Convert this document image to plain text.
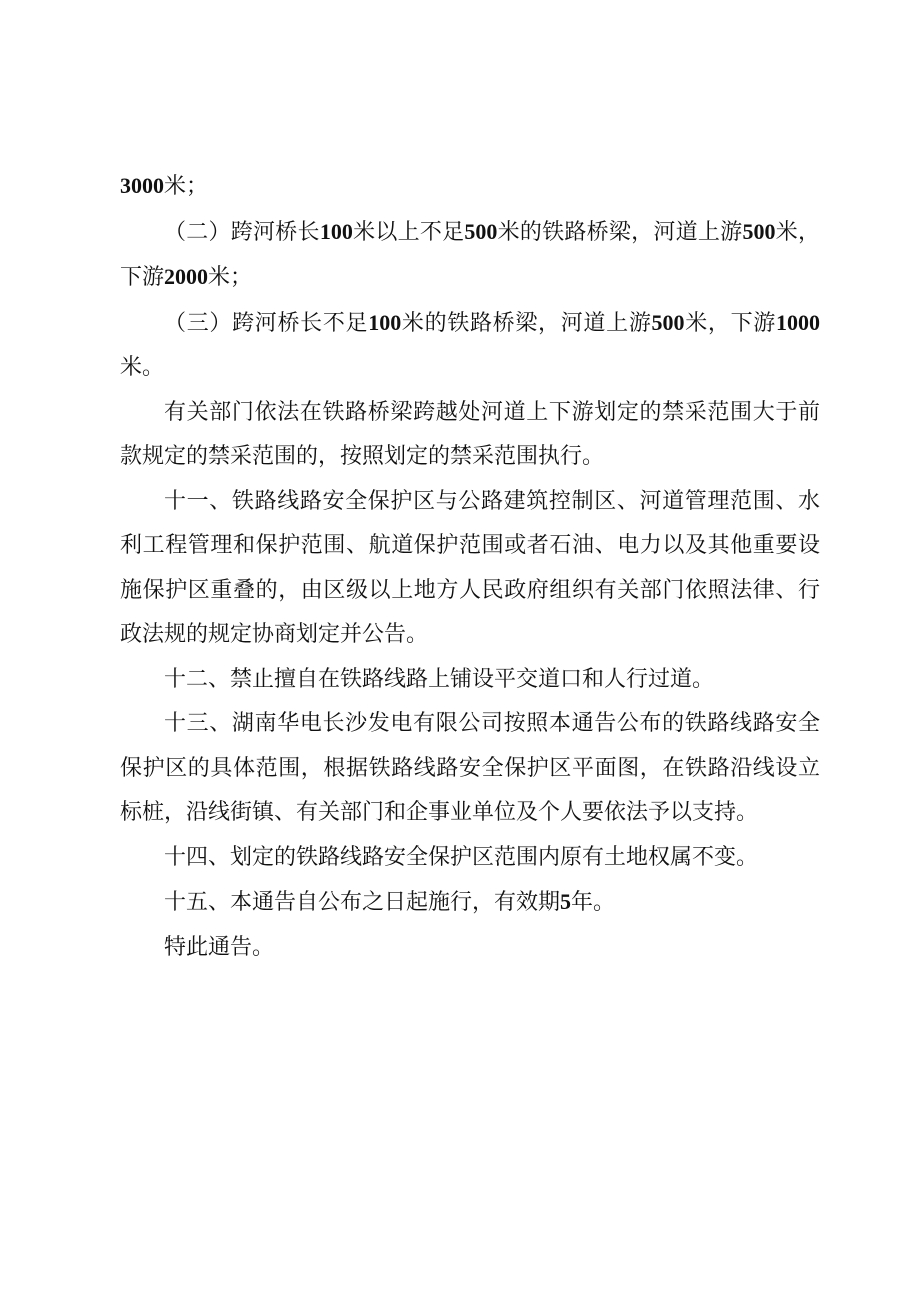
3000米；

（二）跨河桥长100米以上不足500米的铁路桥梁，河道上游500米，下游2000米；

（三）跨河桥长不足100米的铁路桥梁，河道上游500米，下游1000米。

有关部门依法在铁路桥梁跨越处河道上下游划定的禁采范围大于前款规定的禁采范围的，按照划定的禁采范围执行。

十一、铁路线路安全保护区与公路建筑控制区、河道管理范围、水利工程管理和保护范围、航道保护范围或者石油、电力以及其他重要设施保护区重叠的，由区级以上地方人民政府组织有关部门依照法律、行政法规的规定协商划定并公告。

十二、禁止擅自在铁路线路上铺设平交道口和人行过道。

十三、湖南华电长沙发电有限公司按照本通告公布的铁路线路安全保护区的具体范围，根据铁路线路安全保护区平面图，在铁路沿线设立标桩，沿线街镇、有关部门和企事业单位及个人要依法予以支持。

十四、划定的铁路线路安全保护区范围内原有土地权属不变。

十五、本通告自公布之日起施行，有效期5年。

特此通告。
